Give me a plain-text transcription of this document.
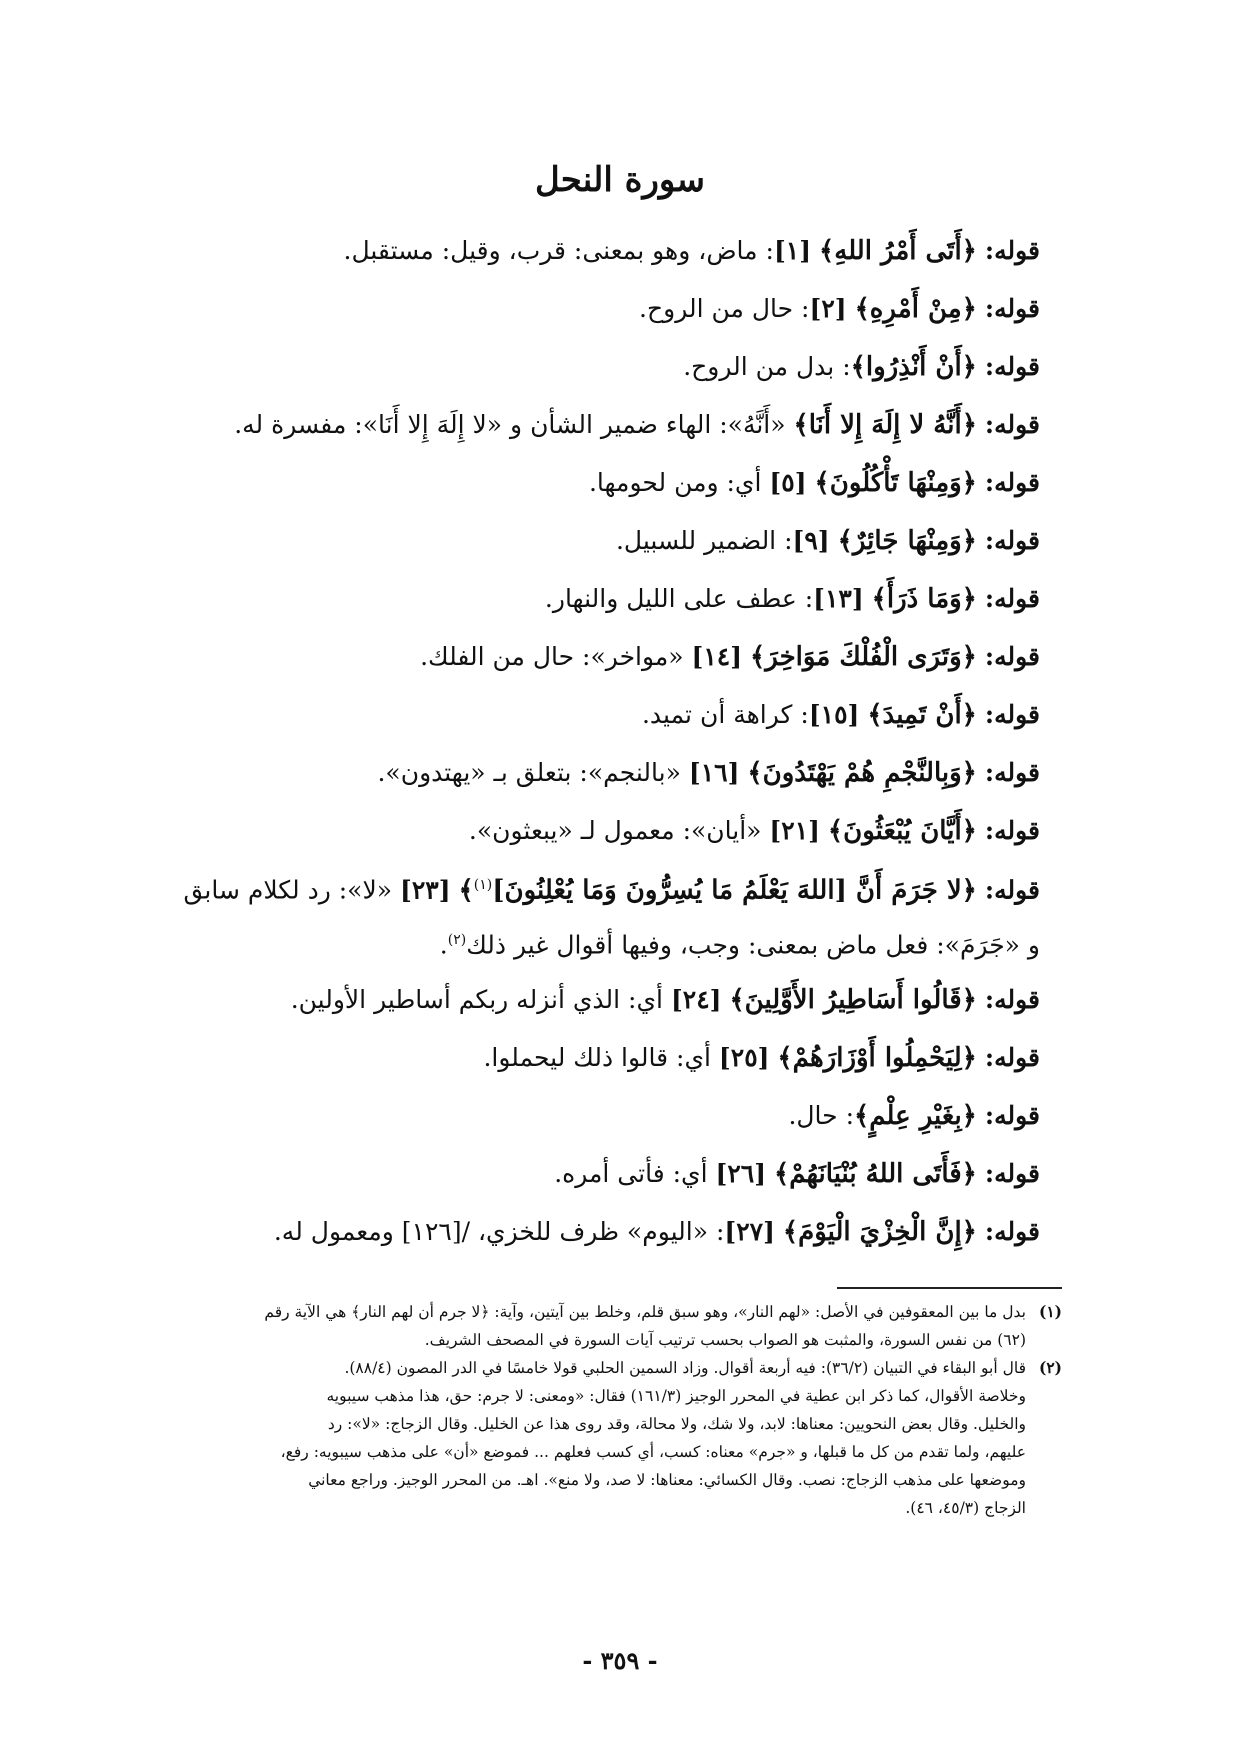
سورة النحل
قوله: ﴿أَتَى أَمْرُ اللهِ﴾ [١]: ماض، وهو بمعنى: قرب، وقيل: مستقبل.
قوله: ﴿مِنْ أَمْرِهِ﴾ [٢]: حال من الروح.
قوله: ﴿أَنْ أَنْذِرُوا﴾: بدل من الروح.
قوله: ﴿أَنَّهُ لا إِلَهَ إِلا أَنَا﴾ «أَنَّهُ»: الهاء ضمير الشأن و «لا إِلَهَ إِلا أَنَا»: مفسرة له.
قوله: ﴿وَمِنْهَا تَأْكُلُونَ﴾ [٥] أي: ومن لحومها.
قوله: ﴿وَمِنْهَا جَائِرٌ﴾ [٩]: الضمير للسبيل.
قوله: ﴿وَمَا ذَرَأَ﴾ [١٣]: عطف على الليل والنهار.
قوله: ﴿وَتَرَى الْفُلْكَ مَوَاخِرَ﴾ [١٤] «مواخر»: حال من الفلك.
قوله: ﴿أَنْ تَمِيدَ﴾ [١٥]: كراهة أن تميد.
قوله: ﴿وَبِالنَّجْمِ هُمْ يَهْتَدُونَ﴾ [١٦] «بالنجم»: بتعلق بـ «يهتدون».
قوله: ﴿أَيَّانَ يُبْعَثُونَ﴾ [٢١] «أيان»: معمول لـ «يبعثون».
قوله: ﴿لا جَرَمَ أَنَّ [اللهَ يَعْلَمُ مَا يُسِرُّونَ وَمَا يُعْلِنُونَ]$^{(١)}$﴾ [٢٣] «لا»: رد لكلام سابق
و «جَرَمَ»: فعل ماض بمعنى: وجب، وفيها أقوال غير ذلك$^{(٢)}$.
قوله: ﴿قَالُوا أَسَاطِيرُ الأَوَّلِينَ﴾ [٢٤] أي: الذي أنزله ربكم أساطير الأولين.
قوله: ﴿لِيَحْمِلُوا أَوْزَارَهُمْ﴾ [٢٥] أي: قالوا ذلك ليحملوا.
قوله: ﴿بِغَيْرِ عِلْمٍ﴾: حال.
قوله: ﴿فَأَتَى اللهُ بُنْيَانَهُمْ﴾ [٢٦] أي: فأتى أمره.
قوله: ﴿إِنَّ الْخِزْيَ الْيَوْمَ﴾ [٢٧]: «اليوم» ظرف للخزي، /[١٢٦] ومعمول له.
(١)
بدل ما بين المعقوفين في الأصل: «لهم النار»، وهو سبق قلم، وخلط بين آيتين، وآية: ﴿لا جرم أن لهم النار﴾ هي الآية رقم
(٦٢) من نفس السورة، والمثبت هو الصواب بحسب ترتيب آيات السورة في المصحف الشريف.
(٢)
قال أبو البقاء في التبيان (٣٦/٢): فيه أربعة أقوال. وزاد السمين الحلبي قولا خامسًا في الدر المصون (٨٨/٤).
وخلاصة الأقوال، كما ذكر ابن عطية في المحرر الوجيز (١٦١/٣) فقال: «ومعنى: لا جرم: حق، هذا مذهب سيبويه
والخليل. وقال بعض النحويين: معناها: لابد، ولا شك، ولا محالة، وقد روى هذا عن الخليل. وقال الزجاج: «لا»: رد
عليهم، ولما تقدم من كل ما قبلها، و «جرم» معناه: كسب، أي كسب فعلهم ... فموضع «أن» على مذهب سيبويه: رفع،
وموضعها على مذهب الزجاج: نصب. وقال الكسائي: معناها: لا صد، ولا منع». اهـ. من المحرر الوجيز. وراجع معاني
الزجاج (٤٥/٣، ٤٦).
- ٣٥٩ -
